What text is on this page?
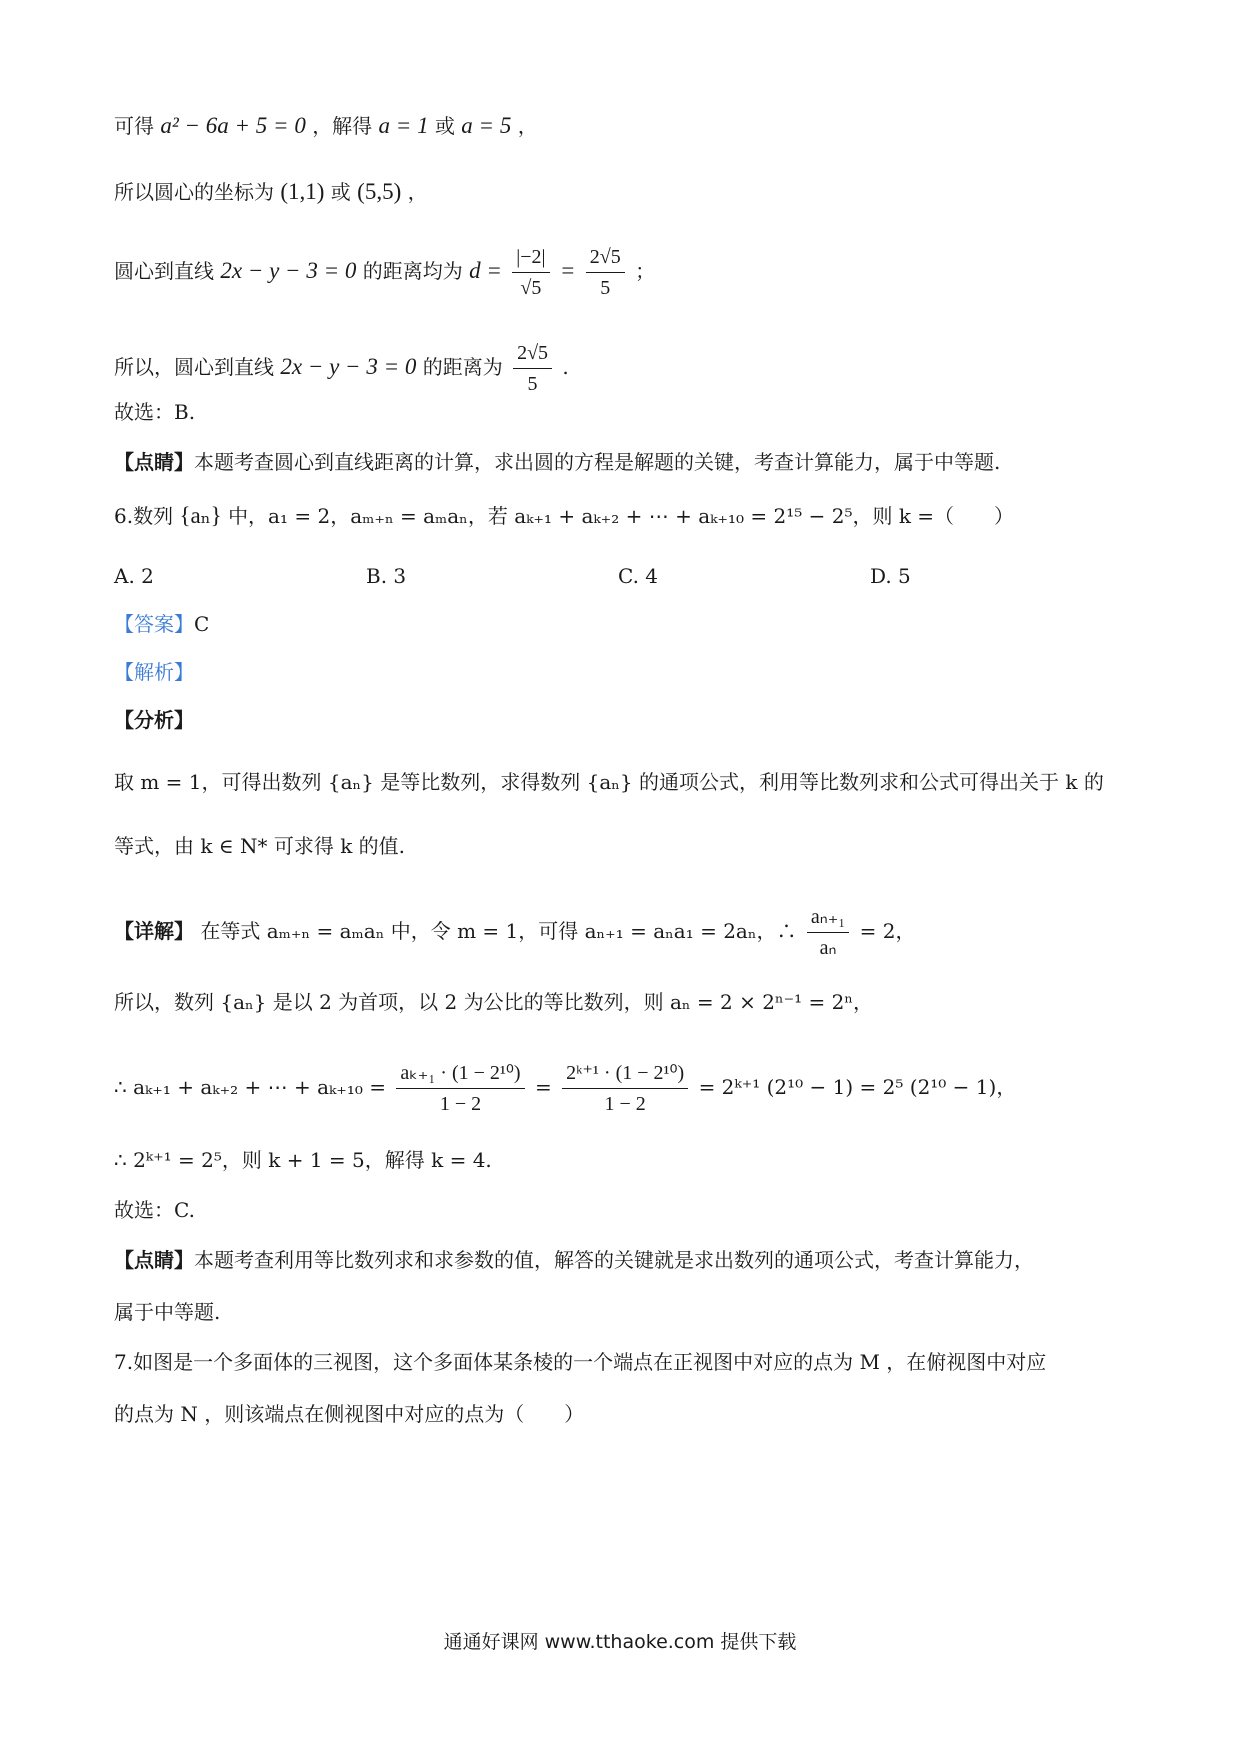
可得 a² − 6a + 5 = 0 ，解得 a = 1 或 a = 5 ，
所以圆心的坐标为 (1,1) 或 (5,5) ，
圆心到直线 2x − y − 3 = 0 的距离均为 $d = \frac{|-2|}{√5} = \frac{2√5}{5}$ ；
所以，圆心到直线 2x − y − 3 = 0 的距离为 $\frac{2√5}{5}$ .
故选：B.
【点睛】本题考查圆心到直线距离的计算，求出圆的方程是解题的关键，考查计算能力，属于中等题.
6.数列 {aₙ} 中，a₁ = 2，aₘ₊ₙ = aₘaₙ，若 aₖ₊₁ + aₖ₊₂ + ⋯ + aₖ₊₁₀ = 2¹⁵ − 2⁵，则 k =（　　）
A. 2	B. 3	C. 4	D. 5
【答案】C
【解析】
【分析】
取 m = 1，可得出数列 {aₙ} 是等比数列，求得数列 {aₙ} 的通项公式，利用等比数列求和公式可得出关于 k 的
等式，由 k ∈ N* 可求得 k 的值.
【详解】 在等式 aₘ₊ₙ = aₘaₙ 中，令 m = 1，可得 aₙ₊₁ = aₙa₁ = 2aₙ，∴ $\frac{\text{aₙ₊₁}}{\text{aₙ}} = 2$，
所以，数列 {aₙ} 是以 2 为首项，以 2 为公比的等比数列，则 aₙ = 2 × 2ⁿ⁻¹ = 2ⁿ，
∴ aₖ₊₁ + aₖ₊₂ + ⋯ + $a_{k+10} = \frac{\text{aₖ₊₁ · (1 − 2¹⁰)}}{1 - 2} = \frac{\text{2ᵏ⁺¹ · (1 − 2¹⁰)}}{1 - 2}$ = 2ᵏ⁺¹ (2¹⁰ − 1) = 2⁵ (2¹⁰ − 1)，
∴ 2ᵏ⁺¹ = 2⁵，则 k + 1 = 5，解得 k = 4.
故选：C.
【点睛】本题考查利用等比数列求和求参数的值，解答的关键就是求出数列的通项公式，考查计算能力，
属于中等题.
7.如图是一个多面体的三视图，这个多面体某条棱的一个端点在正视图中对应的点为 M ，在俯视图中对应
的点为 N ，则该端点在侧视图中对应的点为（　　）
通通好课网 www.tthaoke.com 提供下载
